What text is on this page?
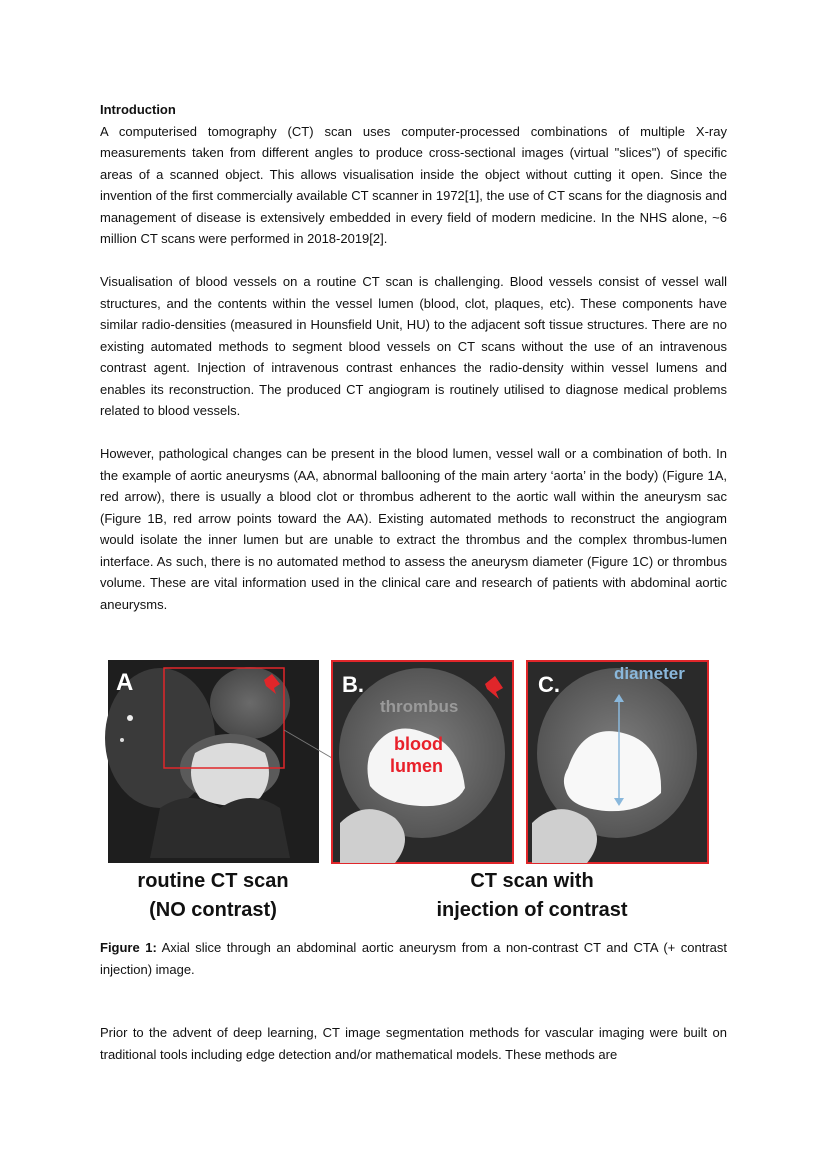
Introduction

A computerised tomography (CT) scan uses computer-processed combinations of multiple X-ray measurements taken from different angles to produce cross-sectional images (virtual "slices") of specific areas of a scanned object. This allows visualisation inside the object without cutting it open. Since the invention of the first commercially available CT scanner in 1972[1], the use of CT scans for the diagnosis and management of disease is extensively embedded in every field of modern medicine. In the NHS alone, ~6 million CT scans were performed in 2018-2019[2].

Visualisation of blood vessels on a routine CT scan is challenging. Blood vessels consist of vessel wall structures, and the contents within the vessel lumen (blood, clot, plaques, etc). These components have similar radio-densities (measured in Hounsfield Unit, HU) to the adjacent soft tissue structures. There are no existing automated methods to segment blood vessels on CT scans without the use of an intravenous contrast agent. Injection of intravenous contrast enhances the radio-density within vessel lumens and enables its reconstruction. The produced CT angiogram is routinely utilised to diagnose medical problems related to blood vessels.

However, pathological changes can be present in the blood lumen, vessel wall or a combination of both. In the example of aortic aneurysms (AA, abnormal ballooning of the main artery ‘aorta’ in the body) (Figure 1A, red arrow), there is usually a blood clot or thrombus adherent to the aortic wall within the aneurysm sac (Figure 1B, red arrow points toward the AA). Existing automated methods to reconstruct the angiogram would isolate the inner lumen but are unable to extract the thrombus and the complex thrombus-lumen interface. As such, there is no automated method to assess the aneurysm diameter (Figure 1C) or thrombus volume. These are vital information used in the clinical care and research of patients with abdominal aortic aneurysms.

A	B.
thrombus
blood
lumen
C.	diameter
routine CT scan
(NO contrast)
CT scan with
injection of contrast

Figure 1: Axial slice through an abdominal aortic aneurysm from a non-contrast CT and CTA (+ contrast injection) image.

Prior to the advent of deep learning, CT image segmentation methods for vascular imaging were built on traditional tools including edge detection and/or mathematical models. These methods are
